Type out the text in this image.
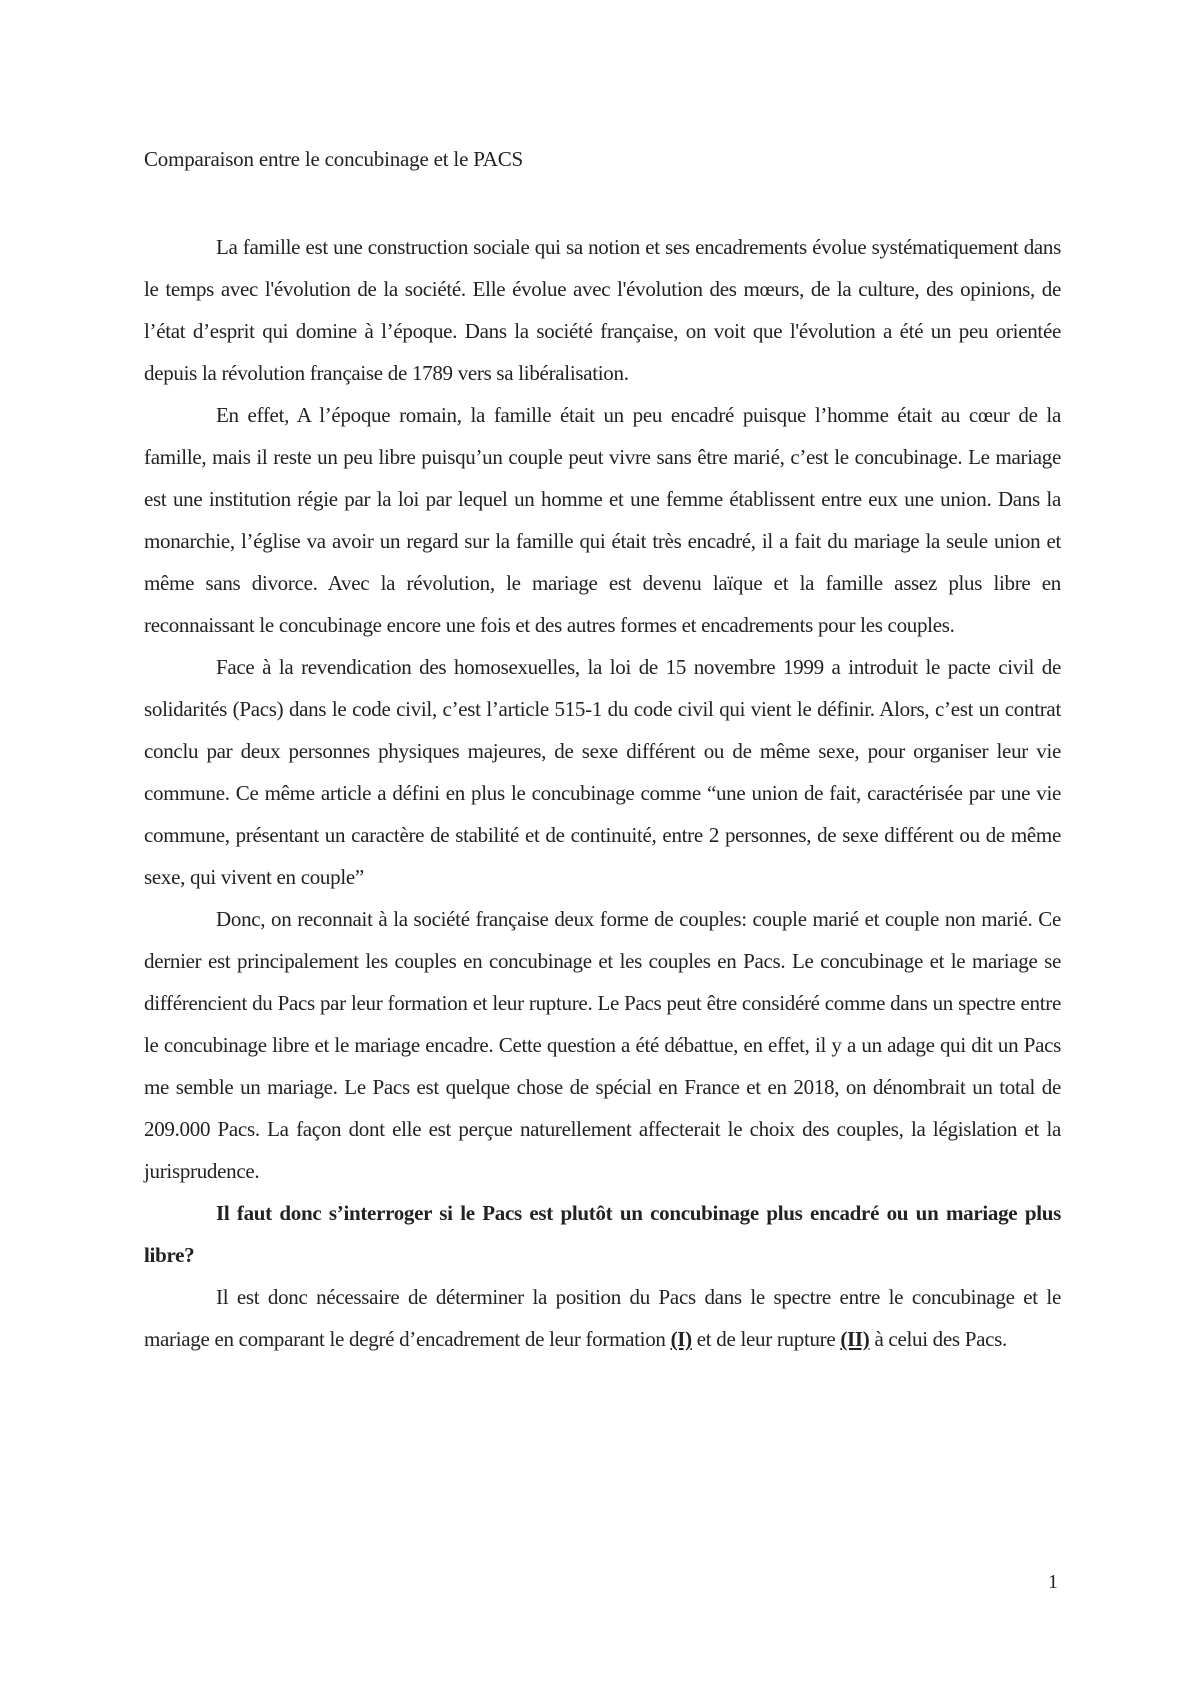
Comparaison entre le concubinage et le PACS

La famille est une construction sociale qui sa notion et ses encadrements évolue systématiquement dans le temps avec l'évolution de la société. Elle évolue avec l'évolution des mœurs, de la culture, des opinions, de l’état d’esprit qui domine à l’époque. Dans la société française, on voit que l'évolution a été un peu orientée depuis la révolution française de 1789 vers sa libéralisation.

En effet, A l’époque romain, la famille était un peu encadré puisque l’homme était au cœur de la famille, mais il reste un peu libre puisqu’un couple peut vivre sans être marié, c’est le concubinage. Le mariage est une institution régie par la loi par lequel un homme et une femme établissent entre eux une union. Dans la monarchie, l’église va avoir un regard sur la famille qui était très encadré, il a fait du mariage la seule union et même sans divorce. Avec la révolution, le mariage est devenu laïque et la famille assez plus libre en reconnaissant le concubinage encore une fois et des autres formes et encadrements pour les couples.

Face à la revendication des homosexuelles, la loi de 15 novembre 1999 a introduit le pacte civil de solidarités (Pacs) dans le code civil, c’est l’article 515-1 du code civil qui vient le définir. Alors, c’est un contrat conclu par deux personnes physiques majeures, de sexe différent ou de même sexe, pour organiser leur vie commune. Ce même article a défini en plus le concubinage comme “une union de fait, caractérisée par une vie commune, présentant un caractère de stabilité et de continuité, entre 2 personnes, de sexe différent ou de même sexe, qui vivent en couple”

Donc, on reconnait à la société française deux forme de couples: couple marié et couple non marié. Ce dernier est principalement les couples en concubinage et les couples en Pacs. Le concubinage et le mariage se différencient du Pacs par leur formation et leur rupture. Le Pacs peut être considéré comme dans un spectre entre le concubinage libre et le mariage encadre. Cette question a été débattue, en effet, il y a un adage qui dit un Pacs me semble un mariage. Le Pacs est quelque chose de spécial en France et en 2018, on dénombrait un total de 209.000 Pacs. La façon dont elle est perçue naturellement affecterait le choix des couples, la législation et la jurisprudence.

Il faut donc s’interroger si le Pacs est plutôt un concubinage plus encadré ou un mariage plus libre?

Il est donc nécessaire de déterminer la position du Pacs dans le spectre entre le concubinage et le mariage en comparant le degré d’encadrement de leur formation (I) et de leur rupture (II) à celui des Pacs.

1
